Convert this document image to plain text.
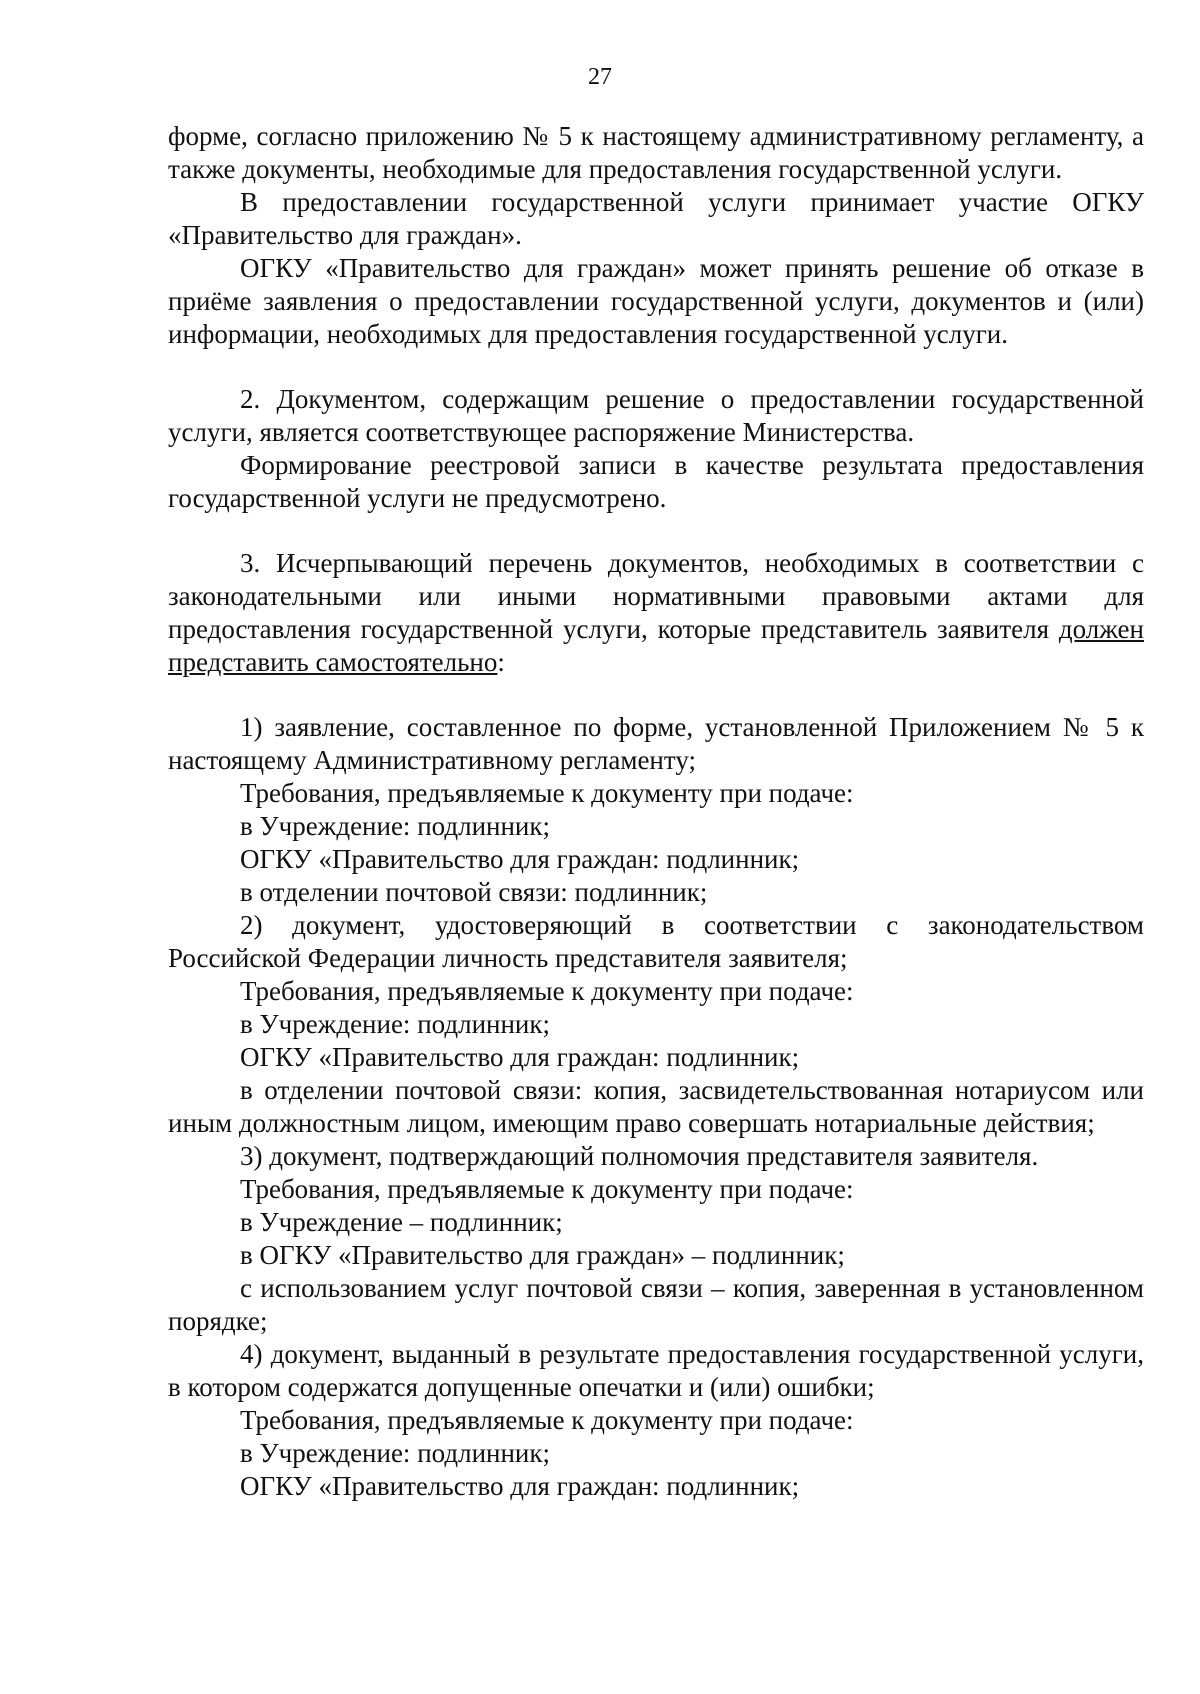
27

форме, согласно приложению № 5 к настоящему административному регламенту, а также документы, необходимые для предоставления государственной услуги.

В предоставлении государственной услуги принимает участие ОГКУ «Правительство для граждан».

ОГКУ «Правительство для граждан» может принять решение об отказе в приёме заявления о предоставлении государственной услуги, документов и (или) информации, необходимых для предоставления государственной услуги.

2. Документом, содержащим решение о предоставлении государственной услуги, является соответствующее распоряжение Министерства.

Формирование реестровой записи в качестве результата предоставления государственной услуги не предусмотрено.

3. Исчерпывающий перечень документов, необходимых в соответствии с законодательными или иными нормативными правовыми актами для предоставления государственной услуги, которые представитель заявителя должен представить самостоятельно:

1) заявление, составленное по форме, установленной Приложением № 5 к настоящему Административному регламенту;

Требования, предъявляемые к документу при подаче:

в Учреждение: подлинник;

ОГКУ «Правительство для граждан: подлинник;

в отделении почтовой связи: подлинник;

2) документ, удостоверяющий в соответствии с законодательством Российской Федерации личность представителя заявителя;

Требования, предъявляемые к документу при подаче:

в Учреждение: подлинник;

ОГКУ «Правительство для граждан: подлинник;

в отделении почтовой связи: копия, засвидетельствованная нотариусом или иным должностным лицом, имеющим право совершать нотариальные действия;

3) документ, подтверждающий полномочия представителя заявителя.

Требования, предъявляемые к документу при подаче:

в Учреждение – подлинник;

в ОГКУ «Правительство для граждан» – подлинник;

с использованием услуг почтовой связи – копия, заверенная в установленном порядке;

4) документ, выданный в результате предоставления государственной услуги, в котором содержатся допущенные опечатки и (или) ошибки;

Требования, предъявляемые к документу при подаче:

в Учреждение: подлинник;

ОГКУ «Правительство для граждан: подлинник;
